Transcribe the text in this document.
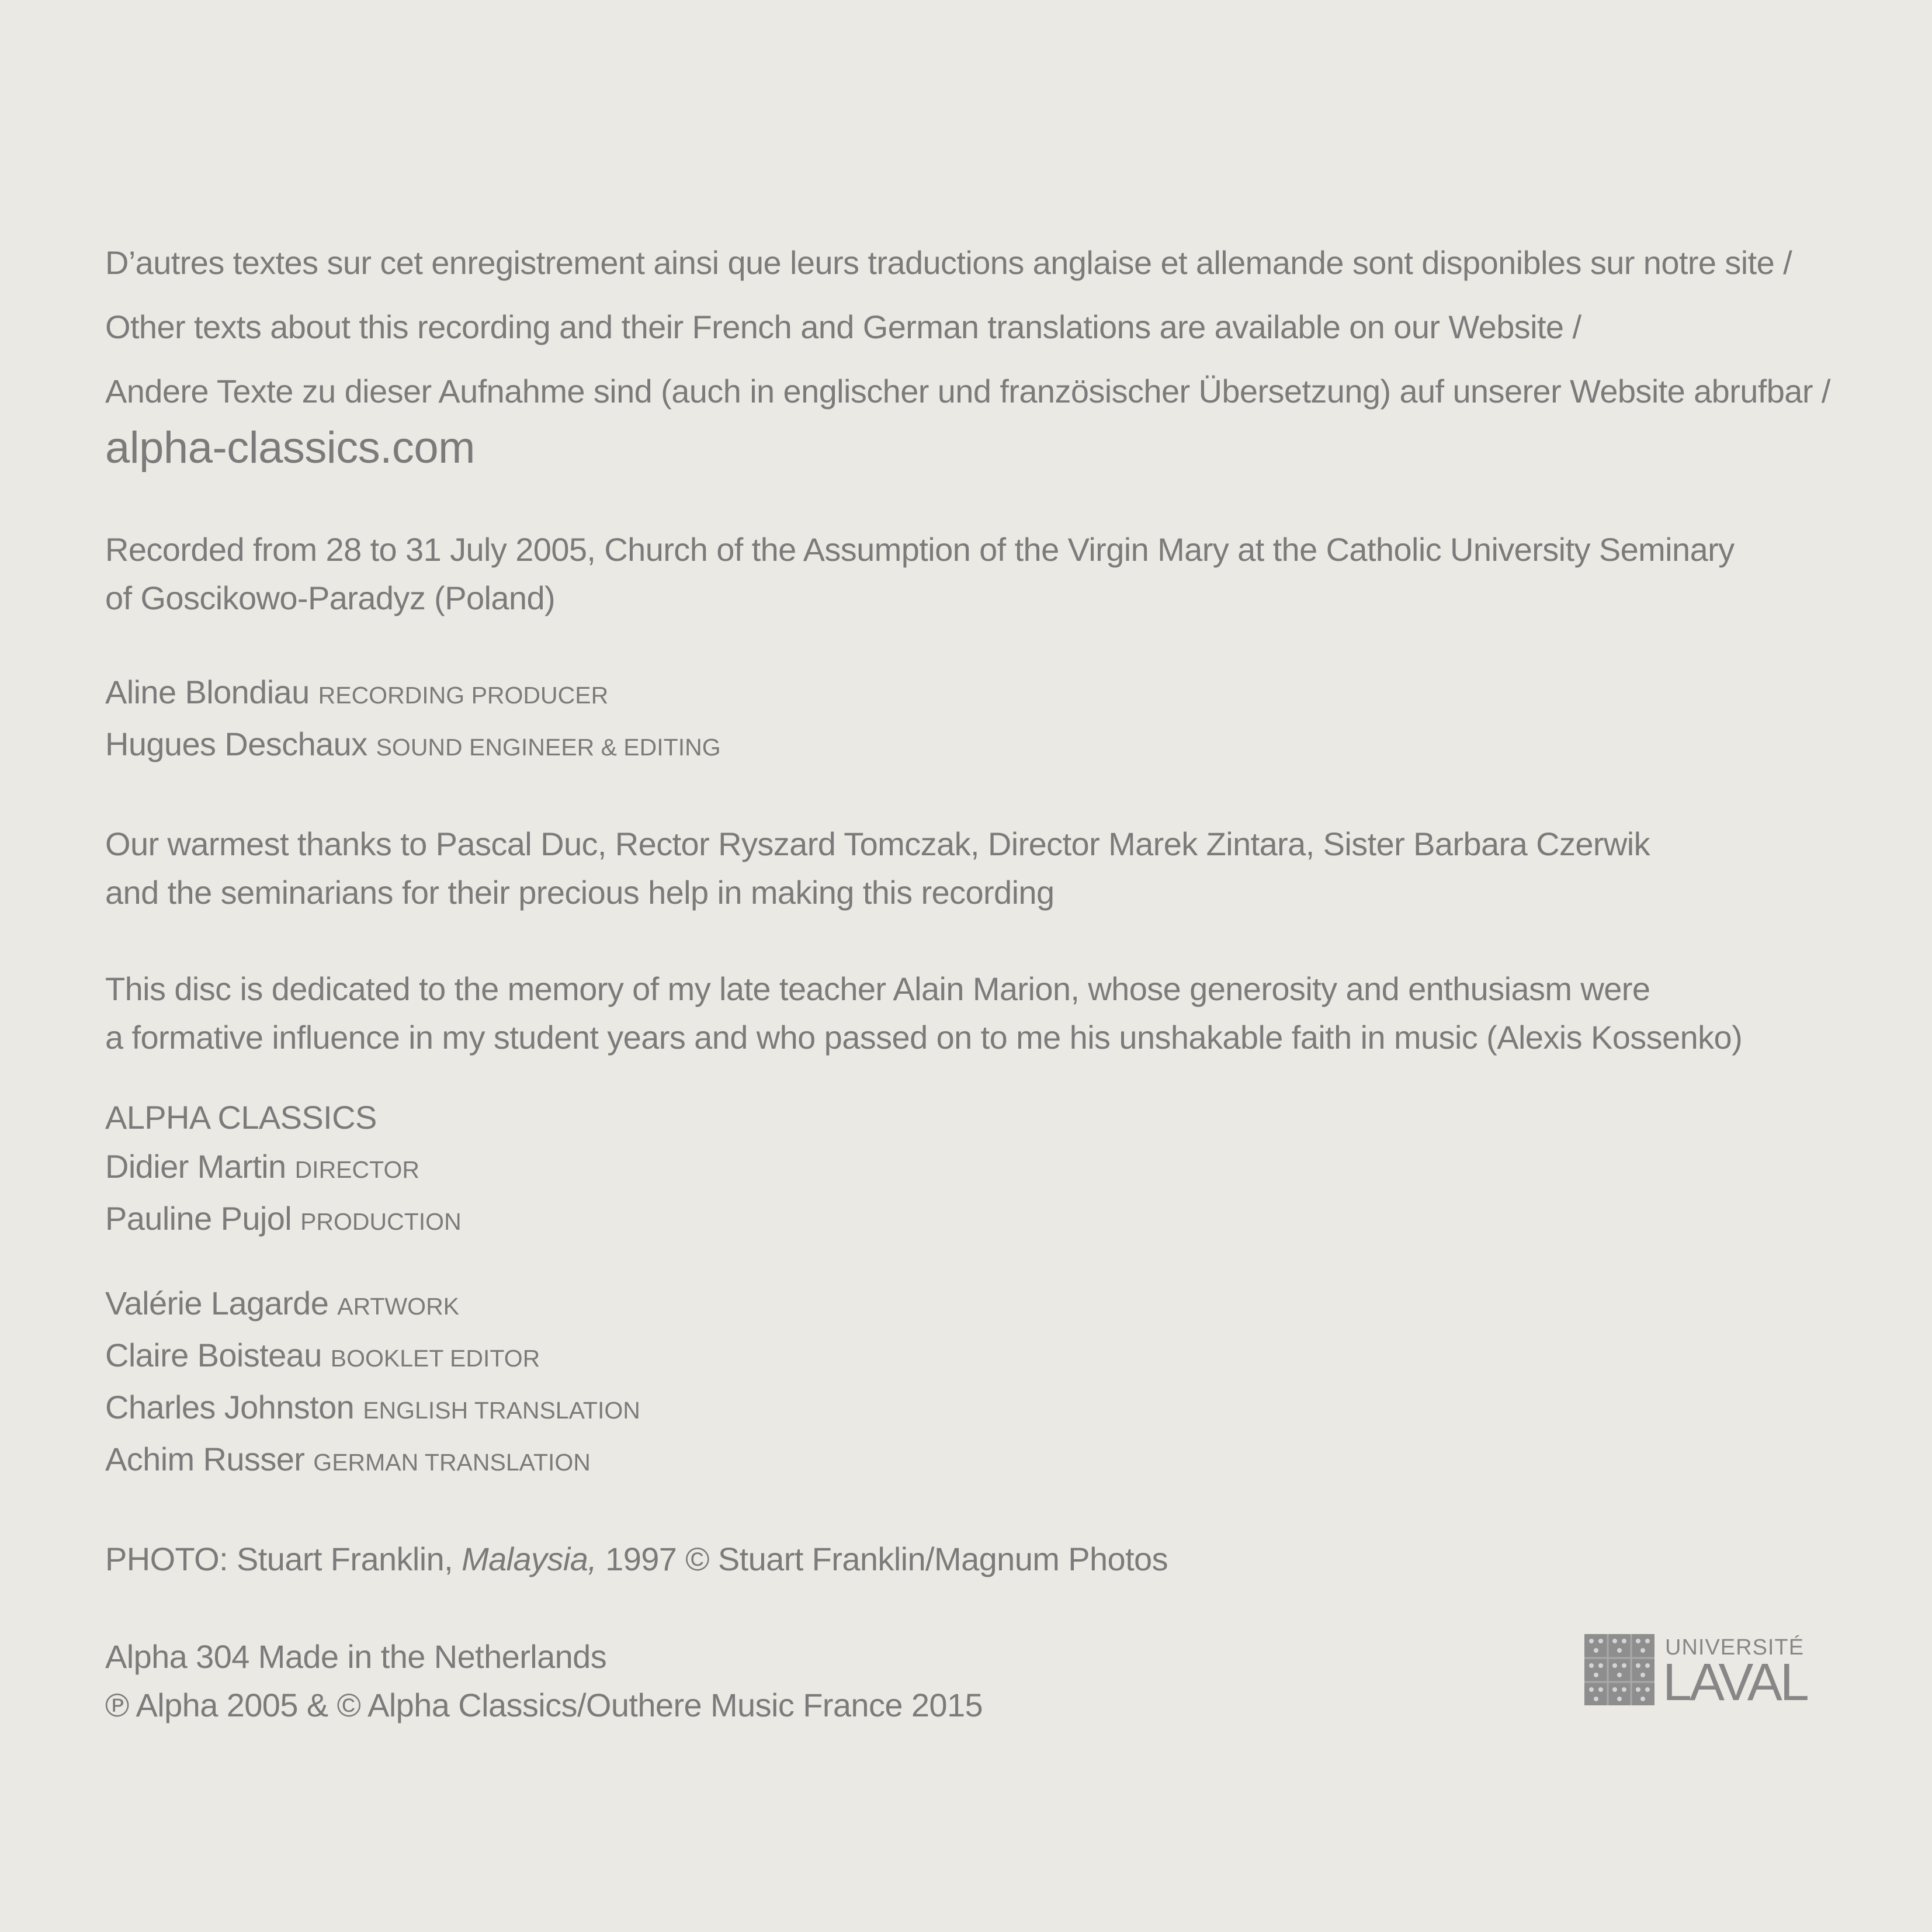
D’autres textes sur cet enregistrement ainsi que leurs traductions anglaise et allemande sont disponibles sur notre site /
Other texts about this recording and their French and German translations are available on our Website /
Andere Texte zu dieser Aufnahme sind (auch in englischer und französischer Übersetzung) auf unserer Website abrufbar /
alpha-classics.com
Recorded from 28 to 31 July 2005, Church of the Assumption of the Virgin Mary at the Catholic University Seminary
of Goscikowo-Paradyz (Poland)
Aline Blondiau RECORDING PRODUCER
Hugues Deschaux SOUND ENGINEER & EDITING
Our warmest thanks to Pascal Duc, Rector Ryszard Tomczak, Director Marek Zintara, Sister Barbara Czerwik
and the seminarians for their precious help in making this recording
This disc is dedicated to the memory of my late teacher Alain Marion, whose generosity and enthusiasm were
a formative influence in my student years and who passed on to me his unshakable faith in music (Alexis Kossenko)
ALPHA CLASSICS
Didier Martin DIRECTOR
Pauline Pujol PRODUCTION
Valérie Lagarde ARTWORK
Claire Boisteau BOOKLET EDITOR
Charles Johnston ENGLISH TRANSLATION
Achim Russer GERMAN TRANSLATION
PHOTO: Stuart Franklin, Malaysia, 1997 © Stuart Franklin/Magnum Photos
Alpha 304 Made in the Netherlands
℗ Alpha 2005 & © Alpha Classics/Outhere Music France 2015
UNIVERSITÉ
LAVAL
